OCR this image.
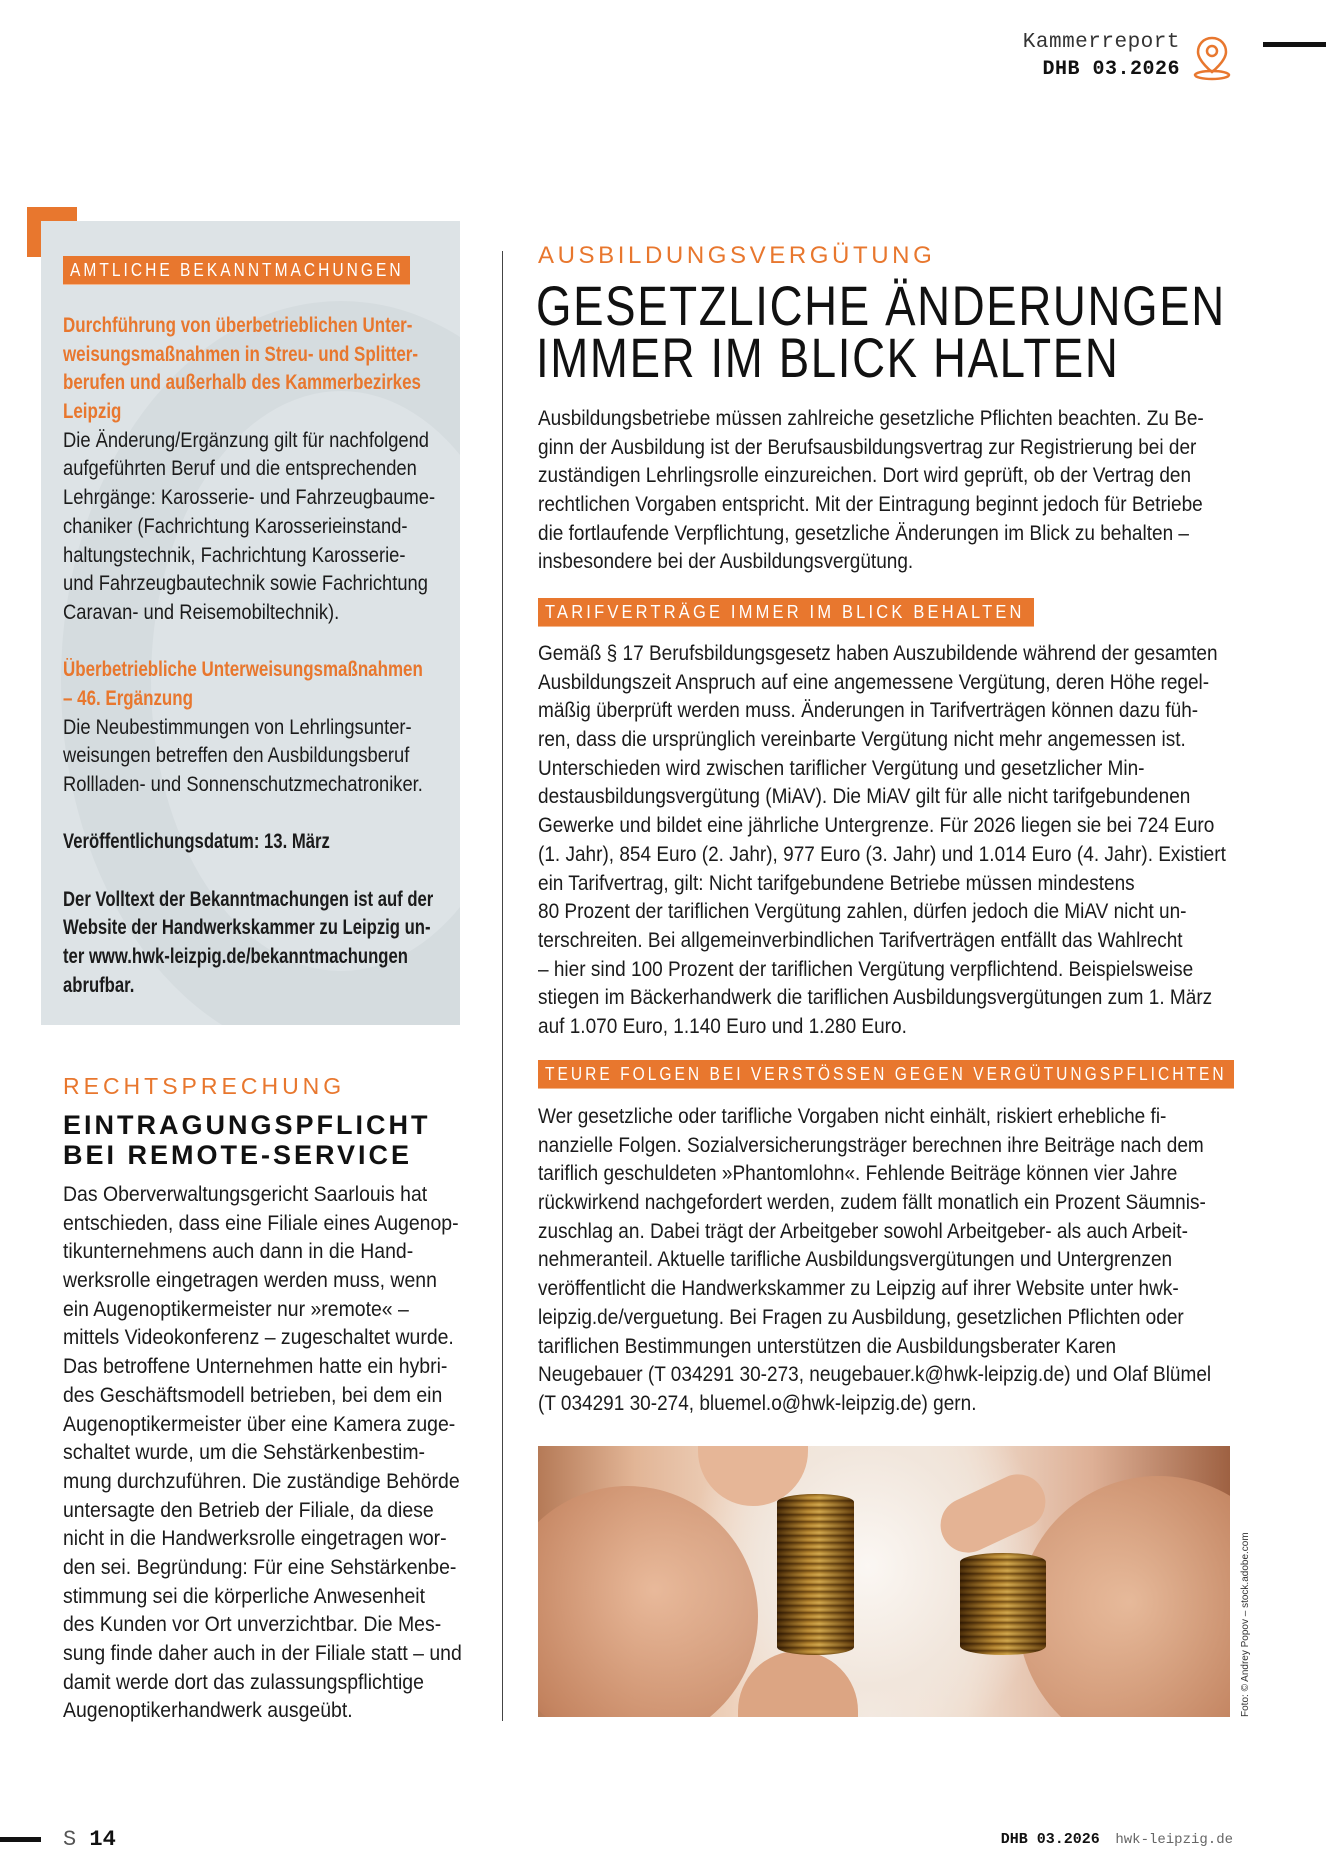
Kammerreport
DHB 03.2026
AMTLICHE BEKANNTMACHUNGEN
Durchführung von überbetrieblichen Unter-
weisungsmaßnahmen in Streu- und Splitter-
berufen und außerhalb des Kammerbezirkes
Leipzig
Die Änderung/Ergänzung gilt für nachfolgend
aufgeführten Beruf und die entsprechenden
Lehrgänge: Karosserie- und Fahrzeugbaume-
chaniker (Fachrichtung Karosserieinstand-
haltungstechnik, Fachrichtung Karosserie-
und Fahrzeugbautechnik sowie Fachrichtung
Caravan- und Reisemobiltechnik).
Überbetriebliche Unterweisungsmaßnahmen
– 46. Ergänzung
Die Neubestimmungen von Lehrlingsunter-
weisungen betreffen den Ausbildungsberuf
Rollladen- und Sonnenschutzmechatroniker.
Veröffentlichungsdatum: 13. März
Der Volltext der Bekanntmachungen ist auf der
Website der Handwerkskammer zu Leipzig un-
ter www.hwk-leizpig.de/bekanntmachungen
abrufbar.
RECHTSPRECHUNG
EINTRAGUNGSPFLICHT
BEI REMOTE-SERVICE
Das Oberverwaltungsgericht Saarlouis hat
entschieden, dass eine Filiale eines Augenop-
tikunternehmens auch dann in die Hand-
werksrolle eingetragen werden muss, wenn
ein Augenoptikermeister nur »remote« –
mittels Videokonferenz – zugeschaltet wurde.
Das betroffene Unternehmen hatte ein hybri-
des Geschäftsmodell betrieben, bei dem ein
Augenoptikermeister über eine Kamera zuge-
schaltet wurde, um die Sehstärkenbestim-
mung durchzuführen. Die zuständige Behörde
untersagte den Betrieb der Filiale, da diese
nicht in die Handwerksrolle eingetragen wor-
den sei. Begründung: Für eine Sehstärkenbe-
stimmung sei die körperliche Anwesenheit
des Kunden vor Ort unverzichtbar. Die Mes-
sung finde daher auch in der Filiale statt – und
damit werde dort das zulassungspflichtige
Augenoptikerhandwerk ausgeübt.
AUSBILDUNGSVERGÜTUNG
GESETZLICHE ÄNDERUNGEN
IMMER IM BLICK HALTEN
Ausbildungsbetriebe müssen zahlreiche gesetzliche Pflichten beachten. Zu Be-
ginn der Ausbildung ist der Berufsausbildungsvertrag zur Registrierung bei der
zuständigen Lehrlingsrolle einzureichen. Dort wird geprüft, ob der Vertrag den
rechtlichen Vorgaben entspricht. Mit der Eintragung beginnt jedoch für Betriebe
die fortlaufende Verpflichtung, gesetzliche Änderungen im Blick zu behalten –
insbesondere bei der Ausbildungsvergütung.
TARIFVERTRÄGE IMMER IM BLICK BEHALTEN
Gemäß § 17 Berufsbildungsgesetz haben Auszubildende während der gesamten
Ausbildungszeit Anspruch auf eine angemessene Vergütung, deren Höhe regel-
mäßig überprüft werden muss. Änderungen in Tarifverträgen können dazu füh-
ren, dass die ursprünglich vereinbarte Vergütung nicht mehr angemessen ist.
Unterschieden wird zwischen tariflicher Vergütung und gesetzlicher Min-
destausbildungsvergütung (MiAV). Die MiAV gilt für alle nicht tarifgebundenen
Gewerke und bildet eine jährliche Untergrenze. Für 2026 liegen sie bei 724 Euro
(1. Jahr), 854 Euro (2. Jahr), 977 Euro (3. Jahr) und 1.014 Euro (4. Jahr). Existiert
ein Tarifvertrag, gilt: Nicht tarifgebundene Betriebe müssen mindestens
80 Prozent der tariflichen Vergütung zahlen, dürfen jedoch die MiAV nicht un-
terschreiten. Bei allgemeinverbindlichen Tarifverträgen entfällt das Wahlrecht
– hier sind 100 Prozent der tariflichen Vergütung verpflichtend. Beispielsweise
stiegen im Bäckerhandwerk die tariflichen Ausbildungsvergütungen zum 1. März
auf 1.070 Euro, 1.140 Euro und 1.280 Euro.
TEURE FOLGEN BEI VERSTÖSSEN GEGEN VERGÜTUNGSPFLICHTEN
Wer gesetzliche oder tarifliche Vorgaben nicht einhält, riskiert erhebliche fi-
nanzielle Folgen. Sozialversicherungsträger berechnen ihre Beiträge nach dem
tariflich geschuldeten »Phantomlohn«. Fehlende Beiträge können vier Jahre
rückwirkend nachgefordert werden, zudem fällt monatlich ein Prozent Säumnis-
zuschlag an. Dabei trägt der Arbeitgeber sowohl Arbeitgeber- als auch Arbeit-
nehmeranteil. Aktuelle tarifliche Ausbildungsvergütungen und Untergrenzen
veröffentlicht die Handwerkskammer zu Leipzig auf ihrer Website unter hwk-
leipzig.de/verguetung. Bei Fragen zu Ausbildung, gesetzlichen Pflichten oder
tariflichen Bestimmungen unterstützen die Ausbildungsberater Karen
Neugebauer (T 034291 30-273, neugebauer.k@hwk-leipzig.de) und Olaf Blümel
(T 034291 30-274, bluemel.o@hwk-leipzig.de) gern.
Foto: © Andrey Popov – stock.adobe.com
S 14	DHB 03.2026 hwk-leipzig.de
